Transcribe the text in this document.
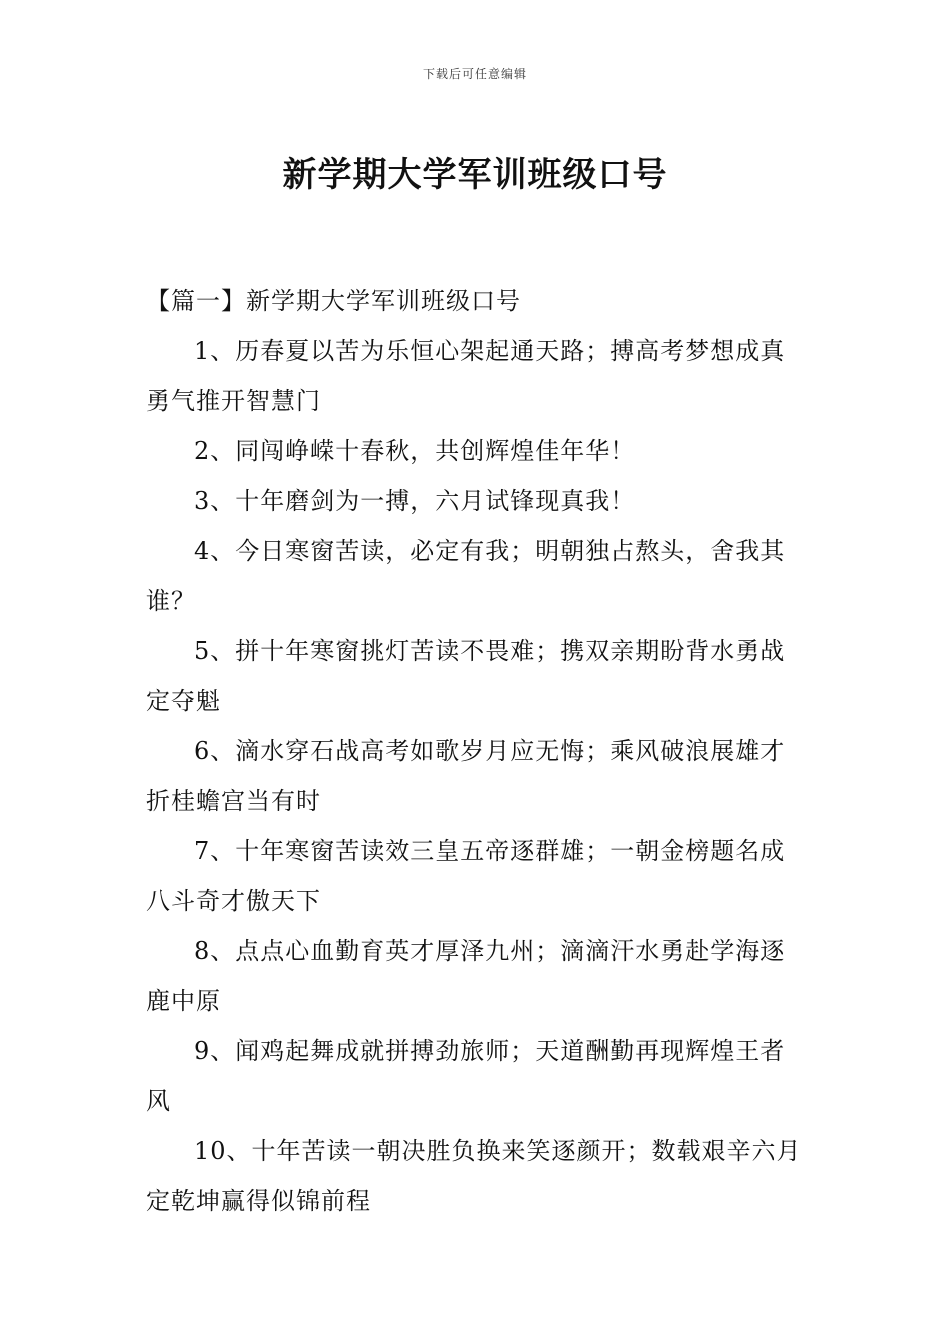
下载后可任意编辑
新学期大学军训班级口号
【篇一】新学期大学军训班级口号

1、历春夏以苦为乐恒心架起通天路；搏高考梦想成真勇气推开智慧门

2、同闯峥嵘十春秋，共创辉煌佳年华！

3、十年磨剑为一搏，六月试锋现真我！

4、今日寒窗苦读，必定有我；明朝独占熬头，舍我其谁？

5、拼十年寒窗挑灯苦读不畏难；携双亲期盼背水勇战定夺魁

6、滴水穿石战高考如歌岁月应无悔；乘风破浪展雄才折桂蟾宫当有时

7、十年寒窗苦读效三皇五帝逐群雄；一朝金榜题名成八斗奇才傲天下

8、点点心血勤育英才厚泽九州；滴滴汗水勇赴学海逐鹿中原

9、闻鸡起舞成就拼搏劲旅师；天道酬勤再现辉煌王者风

10、十年苦读一朝决胜负换来笑逐颜开；数载艰辛六月定乾坤赢得似锦前程
